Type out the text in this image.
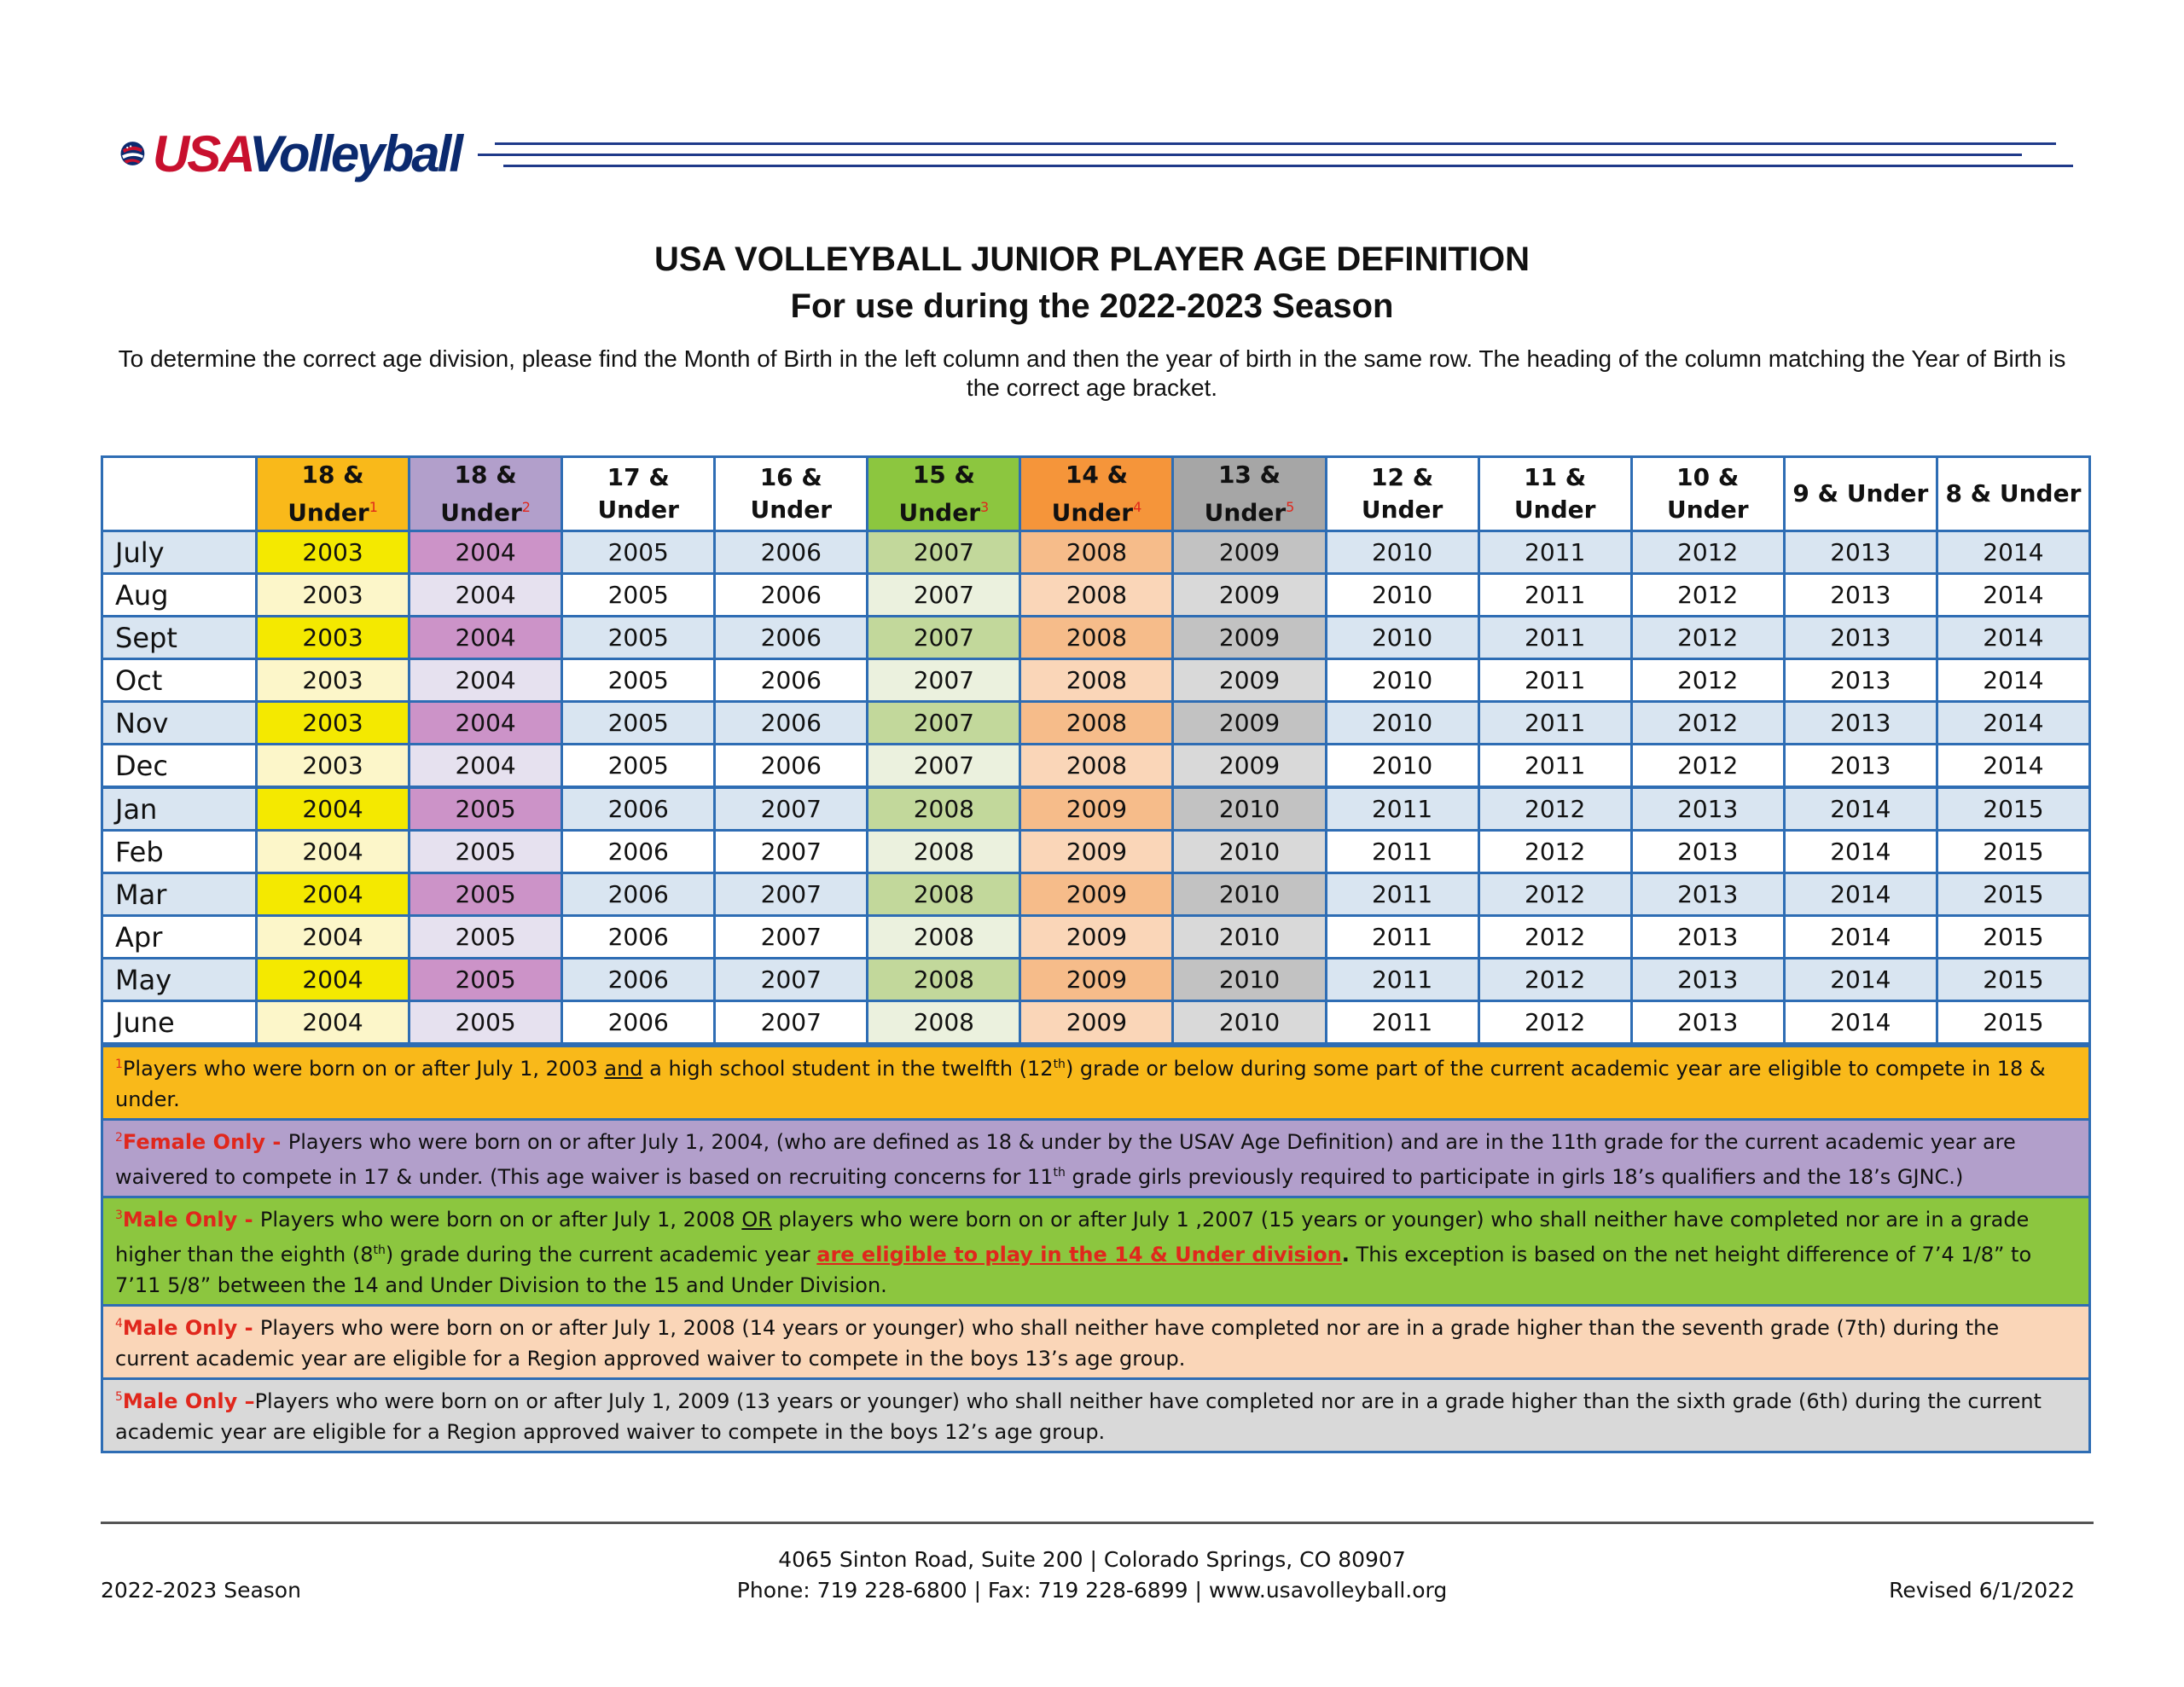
USAVolleyball
USA VOLLEYBALL JUNIOR PLAYER AGE DEFINITION
For use during the 2022-2023 Season
To determine the correct age division, please find the Month of Birth in the left column and then the year of birth in the same row. The heading of the column matching the Year of Birth is the correct age bracket.
	18 &
Under$^1$	18 &
Under$^2$	17 &
Under	16 &
Under	15 &
Under$^3$	14 &
Under$^4$	13 &
Under$^5$	12 &
Under	11 &
Under	10 &
Under	9 & Under	8 & Under
July	2003	2004	2005	2006	2007	2008	2009	2010	2011	2012	2013	2014
Aug	2003	2004	2005	2006	2007	2008	2009	2010	2011	2012	2013	2014
Sept	2003	2004	2005	2006	2007	2008	2009	2010	2011	2012	2013	2014
Oct	2003	2004	2005	2006	2007	2008	2009	2010	2011	2012	2013	2014
Nov	2003	2004	2005	2006	2007	2008	2009	2010	2011	2012	2013	2014
Dec	2003	2004	2005	2006	2007	2008	2009	2010	2011	2012	2013	2014
Jan	2004	2005	2006	2007	2008	2009	2010	2011	2012	2013	2014	2015
Feb	2004	2005	2006	2007	2008	2009	2010	2011	2012	2013	2014	2015
Mar	2004	2005	2006	2007	2008	2009	2010	2011	2012	2013	2014	2015
Apr	2004	2005	2006	2007	2008	2009	2010	2011	2012	2013	2014	2015
May	2004	2005	2006	2007	2008	2009	2010	2011	2012	2013	2014	2015
June	2004	2005	2006	2007	2008	2009	2010	2011	2012	2013	2014	2015
$^1$Players who were born on or after July 1, 2003 and a high school student in the twelfth (12th) grade or below during some part of the current academic year are eligible to compete in 18 & under.
$^2$Female Only - Players who were born on or after July 1, 2004, (who are defined as 18 & under by the USAV Age Definition) and are in the 11th grade for the current academic year are waivered to compete in 17 & under. (This age waiver is based on recruiting concerns for 11th grade girls previously required to participate in girls 18’s qualifiers and the 18’s GJNC.)
$^3$Male Only - Players who were born on or after July 1, 2008 OR players who were born on or after July 1 ,2007 (15 years or younger) who shall neither have completed nor are in a grade higher than the eighth (8th) grade during the current academic year are eligible to play in the 14 & Under division. This exception is based on the net height difference of 7’4 1/8” to 7’11 5/8” between the 14 and Under Division to the 15 and Under Division.
$^4$Male Only - Players who were born on or after July 1, 2008 (14 years or younger) who shall neither have completed nor are in a grade higher than the seventh grade (7th) during the current academic year are eligible for a Region approved waiver to compete in the boys 13’s age group.
$^5$Male Only –Players who were born on or after July 1, 2009 (13 years or younger) who shall neither have completed nor are in a grade higher than the sixth grade (6th) during the current academic year are eligible for a Region approved waiver to compete in the boys 12’s age group.
2022-2023 Season
4065 Sinton Road, Suite 200 | Colorado Springs, CO 80907
Phone: 719 228-6800 | Fax: 719 228-6899 | www.usavolleyball.org	Revised 6/1/2022
